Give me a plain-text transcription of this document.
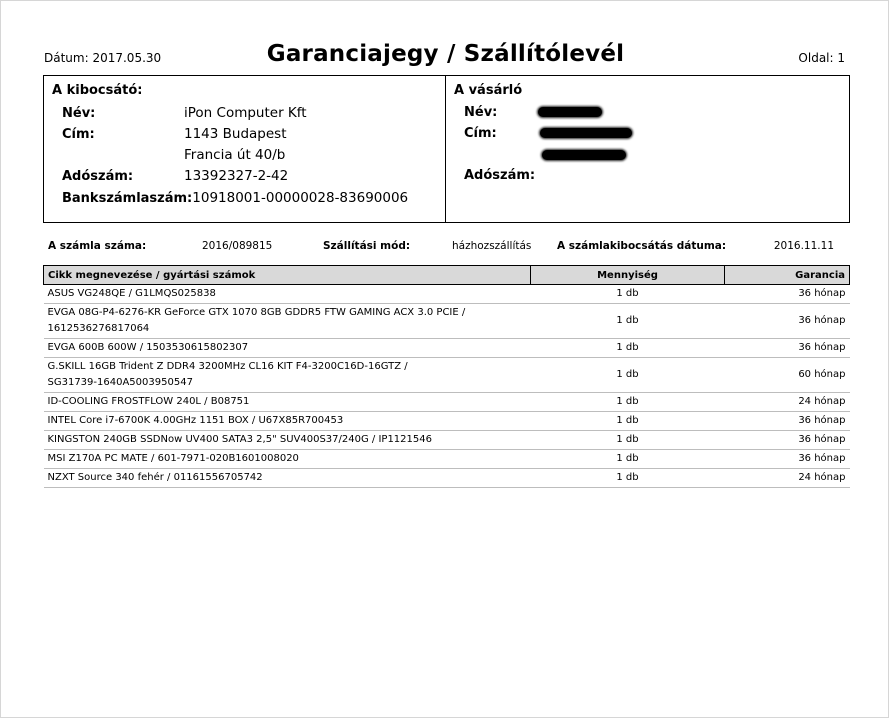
Dátum: 2017.05.30	Garanciajegy / Szállítólevél	Oldal: 1
A kibocsátó:
Név:	iPon Computer Kft
Cím:	1143 Budapest
Francia út 40/b
Adószám:	13392327-2-42
Bankszámlaszám:10918001-00000028-83690006
A vásárló
Név:
Cím:
Adószám:
A számla száma:	2016/089815	Szállítási mód:	házhozszállítás A számlakibocsátás dátuma:	2016.11.11
Cikk megnevezése / gyártási számok	Mennyiség	Garancia

ASUS VG248QE / G1LMQS025838	1 db	36 hónap

EVGA 08G-P4-6276-KR GeForce GTX 1070 8GB GDDR5 FTW GAMING ACX 3.0 PCIE /
1612536276817064	1 db	36 hónap

EVGA 600B 600W / 1503530615802307	1 db	36 hónap

G.SKILL 16GB Trident Z DDR4 3200MHz CL16 KIT F4-3200C16D-16GTZ /
SG31739-1640A5003950547	1 db	60 hónap

ID-COOLING FROSTFLOW 240L / B08751	1 db	24 hónap

INTEL Core i7-6700K 4.00GHz 1151 BOX / U67X85R700453	1 db	36 hónap

KINGSTON 240GB SSDNow UV400 SATA3 2,5" SUV400S37/240G / IP1121546	1 db	36 hónap

MSI Z170A PC MATE / 601-7971-020B1601008020	1 db	36 hónap

NZXT Source 340 fehér / 01161556705742	1 db	24 hónap
